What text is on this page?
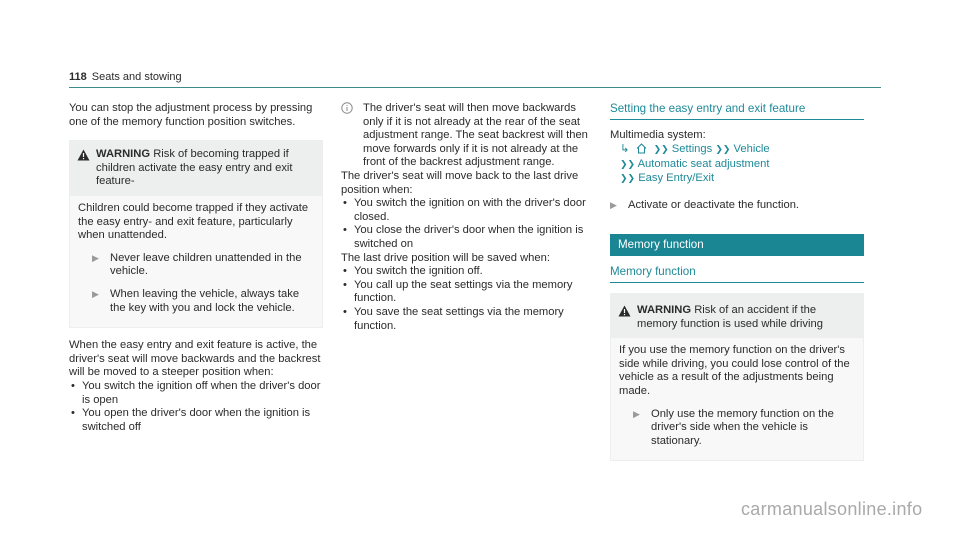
118 Seats and stowing

You can stop the adjustment process by pressing one of the memory function position switches.

WARNING Risk of becoming trapped if children activate the easy entry and exit feature-

Children could become trapped if they activate the easy entry- and exit feature, particularly when unattended.

▶ Never leave children unattended in the vehicle.
▶ When leaving the vehicle, always take the key with you and lock the vehicle.

When the easy entry and exit feature is active, the driver's seat will move backwards and the backrest will be moved to a steeper position when:

• You switch the ignition off when the driver's door is open
• You open the driver's door when the ignition is switched off
The driver's seat will then move backwards only if it is not already at the rear of the seat adjustment range. The seat backrest will then move forwards only if it is not already at the front of the backrest adjustment range.

The driver's seat will move back to the last drive position when:

• You switch the ignition on with the driver's door closed.
• You close the driver's door when the ignition is switched on

The last drive position will be saved when:

• You switch the ignition off.
• You call up the seat settings via the memory function.
• You save the seat settings via the memory function.
Setting the easy entry and exit feature

Multimedia system:

↳	❯❯ Settings ❯❯ Vehicle
❯❯ Automatic seat adjustment
❯❯ Easy Entry/Exit
▶ Activate or deactivate the function.
Memory function
Memory function
WARNING Risk of an accident if the memory function is used while driving

If you use the memory function on the driver's side while driving, you could lose control of the vehicle as a result of the adjustments being made.

▶ Only use the memory function on the driver's side when the vehicle is stationary.
carmanualsonline.info
